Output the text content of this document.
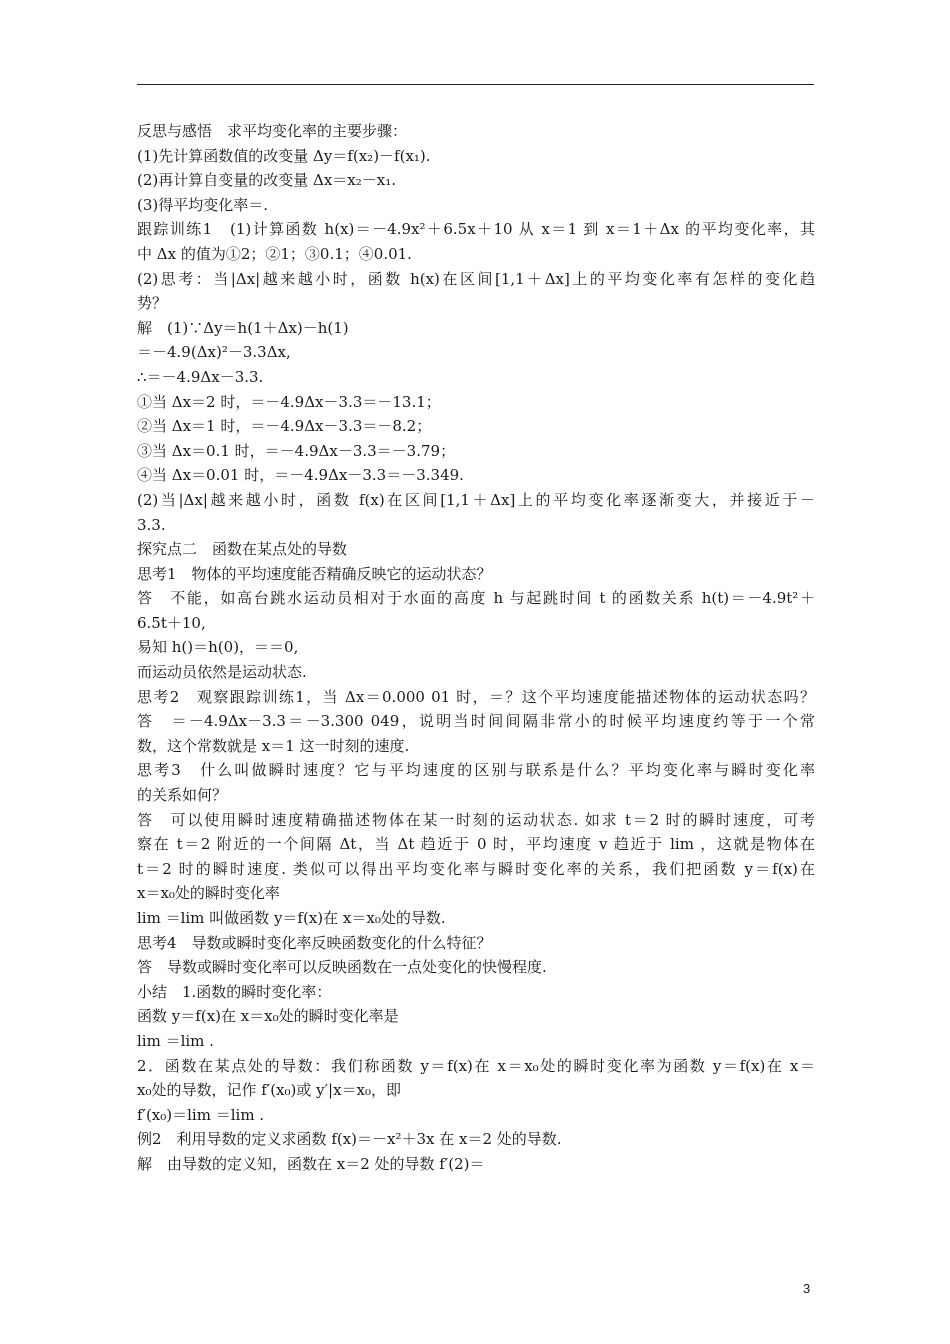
反思与感悟　求平均变化率的主要步骤：
(1)先计算函数值的改变量 Δy＝f(x₂)－f(x₁).
(2)再计算自变量的改变量 Δx＝x₂－x₁.
(3)得平均变化率＝.
跟踪训练1　(1)计算函数 h(x)＝－4.9x²＋6.5x＋10 从 x＝1 到 x＝1＋Δx 的平均变化率，其
中 Δx 的值为①2；②1；③0.1；④0.01.
(2)思考：当|Δx|越来越小时，函数 h(x)在区间[1,1＋Δx]上的平均变化率有怎样的变化趋
势？
解　(1)∵Δy＝h(1＋Δx)－h(1)
＝－4.9(Δx)²－3.3Δx,
∴＝－4.9Δx－3.3.
①当 Δx＝2 时，＝－4.9Δx－3.3＝－13.1；
②当 Δx＝1 时，＝－4.9Δx－3.3＝－8.2；
③当 Δx＝0.1 时，＝－4.9Δx－3.3＝－3.79；
④当 Δx＝0.01 时，＝－4.9Δx－3.3＝－3.349.
(2)当|Δx|越来越小时，函数 f(x)在区间[1,1＋Δx]上的平均变化率逐渐变大，并接近于－
3.3.
探究点二　函数在某点处的导数
思考1　物体的平均速度能否精确反映它的运动状态？
答　不能，如高台跳水运动员相对于水面的高度 h 与起跳时间 t 的函数关系 h(t)＝－4.9t²＋
6.5t＋10,
易知 h()＝h(0)，＝＝0,
而运动员依然是运动状态.
思考2　观察跟踪训练1，当 Δx＝0.000 01 时，＝？这个平均速度能描述物体的运动状态吗？
答　＝－4.9Δx－3.3＝－3.300 049，说明当时间间隔非常小的时候平均速度约等于一个常
数，这个常数就是 x＝1 这一时刻的速度.
思考3　什么叫做瞬时速度？它与平均速度的区别与联系是什么？平均变化率与瞬时变化率
的关系如何？
答　可以使用瞬时速度精确描述物体在某一时刻的运动状态. 如求 t＝2 时的瞬时速度，可考
察在 t＝2 附近的一个间隔 Δt，当 Δt 趋近于 0 时，平均速度 v 趋近于 lim ，这就是物体在
t＝2 时的瞬时速度. 类似可以得出平均变化率与瞬时变化率的关系，我们把函数 y＝f(x)在
x＝x₀处的瞬时变化率
lim ＝lim 叫做函数 y＝f(x)在 x＝x₀处的导数.
思考4　导数或瞬时变化率反映函数变化的什么特征？
答　导数或瞬时变化率可以反映函数在一点处变化的快慢程度.
小结　1.函数的瞬时变化率：
函数 y＝f(x)在 x＝x₀处的瞬时变化率是
lim ＝lim .
2．函数在某点处的导数：我们称函数 y＝f(x)在 x＝x₀处的瞬时变化率为函数 y＝f(x)在 x＝
x₀处的导数，记作 f′(x₀)或 y′|x＝x₀，即
f′(x₀)＝lim ＝lim .
例2　利用导数的定义求函数 f(x)＝－x²＋3x 在 x＝2 处的导数.
解　由导数的定义知，函数在 x＝2 处的导数 f′(2)＝
3
